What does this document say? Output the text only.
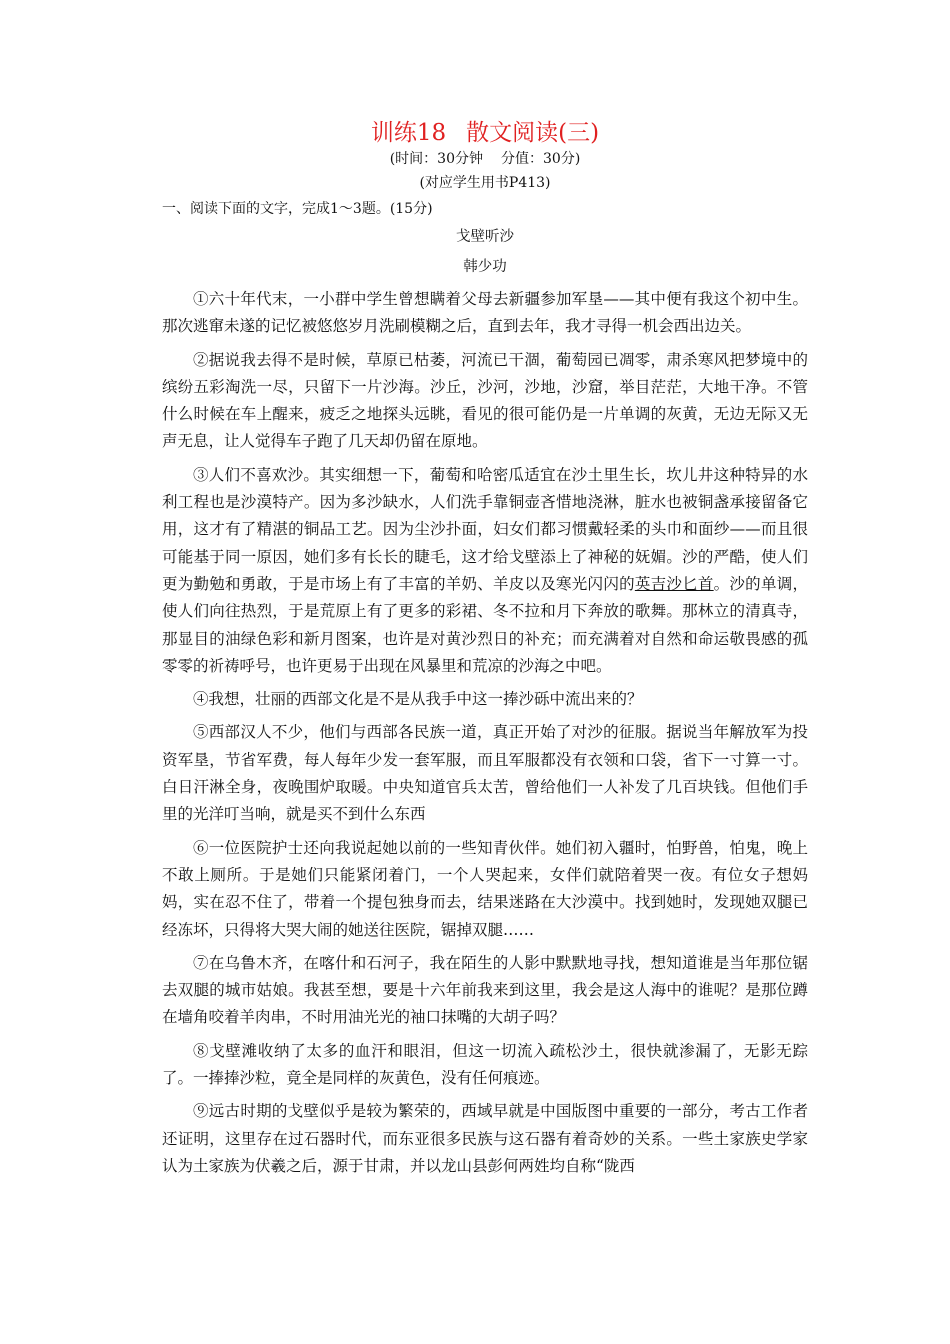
训练18 散文阅读(三)

(时间：30分钟 分值：30分)

(对应学生用书P413)

一、阅读下面的文字，完成1～3题。(15分)

戈壁听沙

韩少功

①六十年代末，一小群中学生曾想瞒着父母去新疆参加军垦——其中便有我这个初中生。那次逃窜未遂的记忆被悠悠岁月洗刷模糊之后，直到去年，我才寻得一机会西出边关。

②据说我去得不是时候，草原已枯萎，河流已干涸，葡萄园已凋零，肃杀寒风把梦境中的缤纷五彩淘洗一尽，只留下一片沙海。沙丘，沙河，沙地，沙窟，举目茫茫，大地干净。不管什么时候在车上醒来，疲乏之地探头远眺，看见的很可能仍是一片单调的灰黄，无边无际又无声无息，让人觉得车子跑了几天却仍留在原地。

③人们不喜欢沙。其实细想一下，葡萄和哈密瓜适宜在沙土里生长，坎儿井这种特异的水利工程也是沙漠特产。因为多沙缺水，人们洗手靠铜壶吝惜地浇淋，脏水也被铜盏承接留备它用，这才有了精湛的铜品工艺。因为尘沙扑面，妇女们都习惯戴轻柔的头巾和面纱——而且很可能基于同一原因，她们多有长长的睫毛，这才给戈壁添上了神秘的妩媚。沙的严酷，使人们更为勤勉和勇敢，于是市场上有了丰富的羊奶、羊皮以及寒光闪闪的英吉沙匕首。沙的单调，使人们向往热烈，于是荒原上有了更多的彩裙、冬不拉和月下奔放的歌舞。那林立的清真寺，那显目的油绿色彩和新月图案，也许是对黄沙烈日的补充；而充满着对自然和命运敬畏感的孤零零的祈祷呼号，也许更易于出现在风暴里和荒凉的沙海之中吧。

④我想，壮丽的西部文化是不是从我手中这一捧沙砾中流出来的？

⑤西部汉人不少，他们与西部各民族一道，真正开始了对沙的征服。据说当年解放军为投资军垦，节省军费，每人每年少发一套军服，而且军服都没有衣领和口袋，省下一寸算一寸。白日汗淋全身，夜晚围炉取暖。中央知道官兵太苦，曾给他们一人补发了几百块钱。但他们手里的光洋叮当响，就是买不到什么东西

⑥一位医院护士还向我说起她以前的一些知青伙伴。她们初入疆时，怕野兽，怕鬼，晚上不敢上厕所。于是她们只能紧闭着门，一个人哭起来，女伴们就陪着哭一夜。有位女子想妈妈，实在忍不住了，带着一个提包独身而去，结果迷路在大沙漠中。找到她时，发现她双腿已经冻坏，只得将大哭大闹的她送往医院，锯掉双腿……

⑦在乌鲁木齐，在喀什和石河子，我在陌生的人影中默默地寻找，想知道谁是当年那位锯去双腿的城市姑娘。我甚至想，要是十六年前我来到这里，我会是这人海中的谁呢？是那位蹲在墙角咬着羊肉串，不时用油光光的袖口抹嘴的大胡子吗？

⑧戈壁滩收纳了太多的血汗和眼泪，但这一切流入疏松沙土，很快就渗漏了，无影无踪了。一捧捧沙粒，竟全是同样的灰黄色，没有任何痕迹。

⑨远古时期的戈壁似乎是较为繁荣的，西域早就是中国版图中重要的一部分，考古工作者还证明，这里存在过石器时代，而东亚很多民族与这石器有着奇妙的关系。一些土家族史学家认为土家族为伏羲之后，源于甘肃，并以龙山县彭何两姓均自称“陇西
